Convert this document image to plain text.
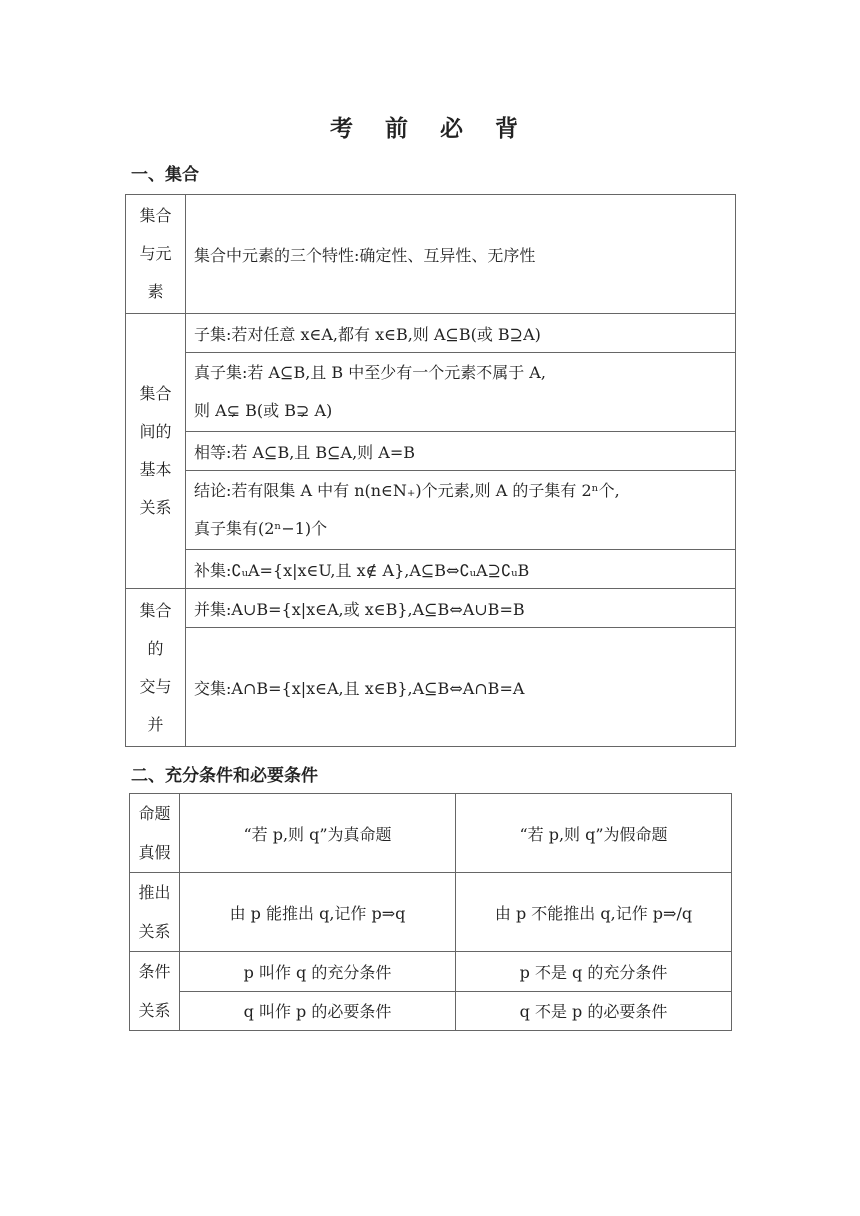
考 前 必 背
一、集合
集合
与元
素	集合中元素的三个特性:确定性、互异性、无序性

集合
间的
基本
关系	子集:若对任意 x∈A,都有 x∈B,则 A⊆B(或 B⊇A)

	真子集:若 A⊆B,且 B 中至少有一个元素不属于 A,
则 A⊊ B(或 B⊋ A)

	相等:若 A⊆B,且 B⊆A,则 A=B

	结论:若有限集 A 中有 n(n∈N₊)个元素,则 A 的子集有 2ⁿ个,
真子集有(2ⁿ−1)个

	补集:∁ᵤA={x|x∈U,且 x∉ A},A⊆B⇔∁ᵤA⊇∁ᵤB

集合
的
交与
并	并集:A∪B={x|x∈A,或 x∈B},A⊆B⇔A∪B=B
	交集:A∩B={x|x∈A,且 x∈B},A⊆B⇔A∩B=A
二、充分条件和必要条件
命题
真假	“若 p,则 q”为真命题	“若 p,则 q”为假命题

推出
关系	由 p 能推出 q,记作 p⇒q	由 p 不能推出 q,记作 p⇒/q

条件
关系	p 叫作 q 的充分条件	p 不是 q 的充分条件
	q 叫作 p 的必要条件	q 不是 p 的必要条件
